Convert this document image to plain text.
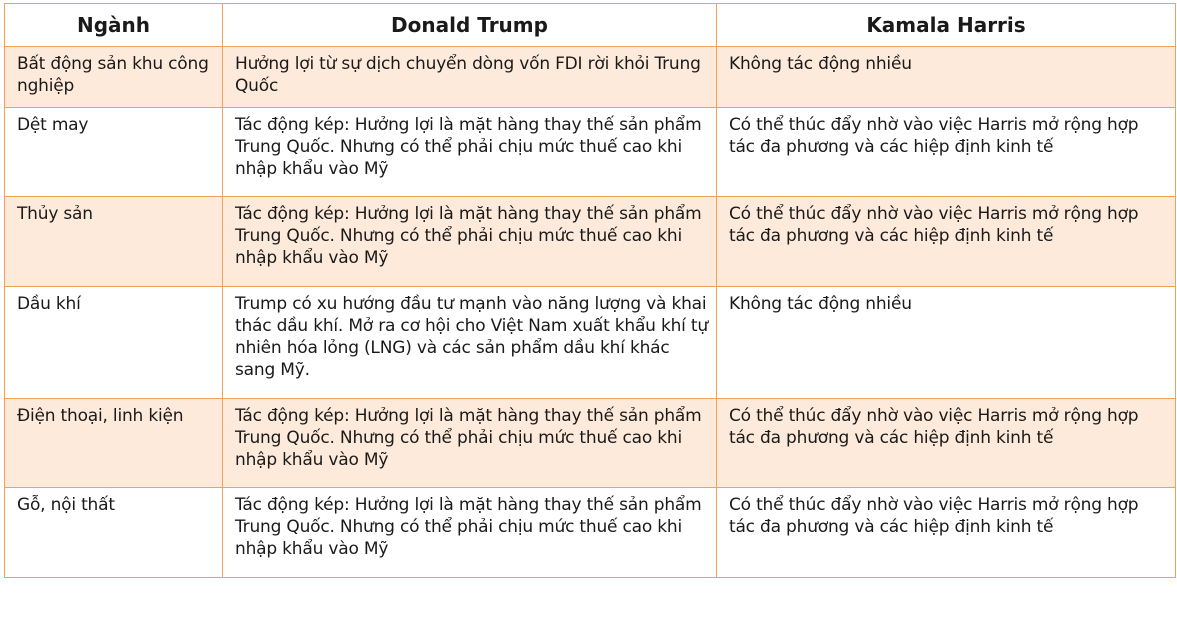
Ngành	Donald Trump	Kamala Harris
Bất động sản khu công nghiệp	Hưởng lợi từ sự dịch chuyển dòng vốn FDI rời khỏi Trung Quốc	Không tác động nhiều
Dệt may	Tác động kép: Hưởng lợi là mặt hàng thay thế sản phẩm Trung Quốc. Nhưng có thể phải chịu mức thuế cao khi nhập khẩu vào Mỹ	Có thể thúc đẩy nhờ vào việc Harris mở rộng hợp tác đa phương và các hiệp định kinh tế
Thủy sản	Tác động kép: Hưởng lợi là mặt hàng thay thế sản phẩm Trung Quốc. Nhưng có thể phải chịu mức thuế cao khi nhập khẩu vào Mỹ	Có thể thúc đẩy nhờ vào việc Harris mở rộng hợp tác đa phương và các hiệp định kinh tế
Dầu khí	Trump có xu hướng đầu tư mạnh vào năng lượng và khai thác dầu khí. Mở ra cơ hội cho Việt Nam xuất khẩu khí tự nhiên hóa lỏng (LNG) và các sản phẩm dầu khí khác sang Mỹ.	Không tác động nhiều
Điện thoại, linh kiện	Tác động kép: Hưởng lợi là mặt hàng thay thế sản phẩm Trung Quốc. Nhưng có thể phải chịu mức thuế cao khi nhập khẩu vào Mỹ	Có thể thúc đẩy nhờ vào việc Harris mở rộng hợp tác đa phương và các hiệp định kinh tế
Gỗ, nội thất	Tác động kép: Hưởng lợi là mặt hàng thay thế sản phẩm Trung Quốc. Nhưng có thể phải chịu mức thuế cao khi nhập khẩu vào Mỹ	Có thể thúc đẩy nhờ vào việc Harris mở rộng hợp tác đa phương và các hiệp định kinh tế
